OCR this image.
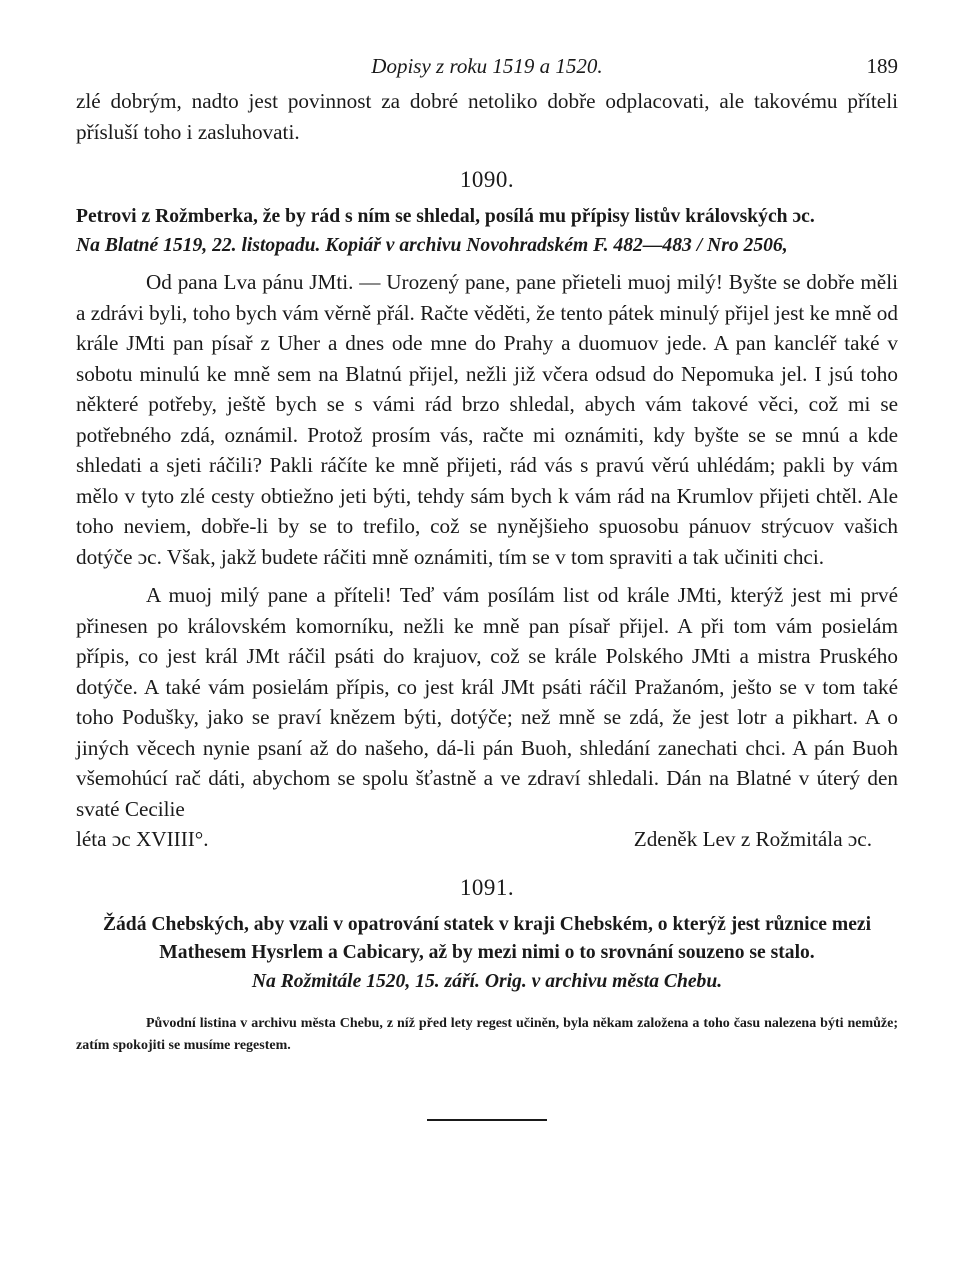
Dopisy z roku 1519 a 1520.	189

zlé dobrým, nadto jest povinnost za dobré netoliko dobře odplacovati, ale takovému příteli přísluší toho i zasluhovati.

1090.

Petrovi z Rožmberka, že by rád s ním se shledal, posílá mu přípisy listův královských ɔc.

Na Blatné 1519, 22. listopadu. Kopiář v archivu Novohradském F. 482—483 / Nro 2506,

Od pana Lva pánu JMti. — Urozený pane, pane přieteli muoj milý! Byšte se dobře měli a zdrávi byli, toho bych vám věrně přál. Račte věděti, že tento pátek minulý přijel jest ke mně od krále JMti pan písař z Uher a dnes ode mne do Prahy a duomuov jede. A pan kancléř také v sobotu minulú ke mně sem na Blatnú přijel, nežli již včera odsud do Nepomuka jel. I jsú toho některé potřeby, ještě bych se s vámi rád brzo shledal, abych vám takové věci, což mi se potřebného zdá, oznámil. Protož prosím vás, račte mi oznámiti, kdy byšte se se mnú a kde shledati a sjeti ráčili? Pakli ráčíte ke mně přijeti, rád vás s pravú věrú uhlédám; pakli by vám mělo v tyto zlé cesty obtiežno jeti býti, tehdy sám bych k vám rád na Krumlov přijeti chtěl. Ale toho neviem, dobře-li by se to trefilo, což se nynějšieho spuosobu pánuov strýcuov vašich dotýče ɔc. Však, jakž budete ráčiti mně oznámiti, tím se v tom spraviti a tak učiniti chci.

A muoj milý pane a příteli! Teď vám posílám list od krále JMti, kterýž jest mi prvé přinesen po královském komorníku, nežli ke mně pan písař přijel. A při tom vám posielám přípis, co jest král JMt ráčil psáti do krajuov, což se krále Polského JMti a mistra Pruského dotýče. A také vám posielám přípis, co jest král JMt psáti ráčil Pražanóm, ješto se v tom také toho Podušky, jako se praví knězem býti, dotýče; než mně se zdá, že jest lotr a pikhart. A o jiných věcech nynie psaní až do našeho, dá-li pán Buoh, shledání zanechati chci. A pán Buoh všemohúcí rač dáti, abychom se spolu šťastně a ve zdraví shledali. Dán na Blatné v úterý den svaté Cecilie

léta ɔc XVIIII°.	Zdeněk Lev z Rožmitála ɔc.

1091.

Žádá Chebských, aby vzali v opatrování statek v kraji Chebském, o kterýž jest různice mezi Mathesem Hysrlem a Cabicary, až by mezi nimi o to srovnání souzeno se stalo.

Na Rožmitále 1520, 15. září. Orig. v archivu města Chebu.

Původní listina v archivu města Chebu, z níž před lety regest učiněn, byla někam založena a toho času nalezena býti nemůže; zatím spokojiti se musíme regestem.
